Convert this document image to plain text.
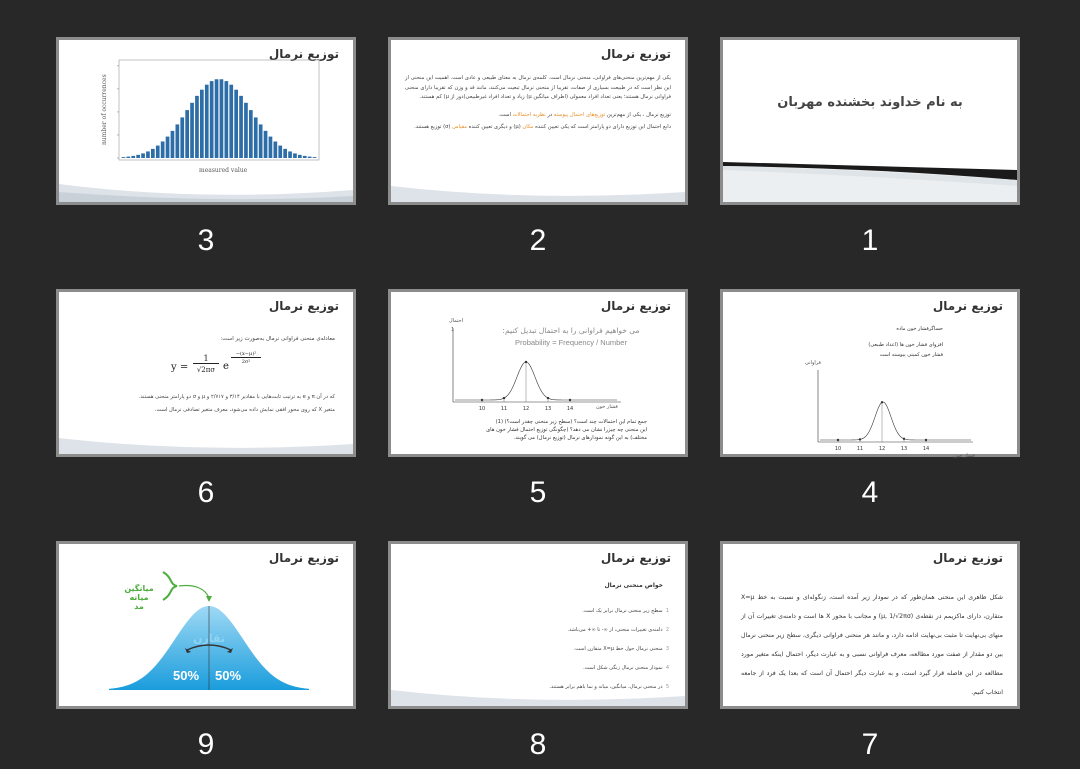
توزیع نرمال
number of occurrences
measured value
3
توزیع نرمال

یکی از مهم‌ترین منحنی‌های فراوانی، منحنی نرمال است. کلمه‌ی نرمال به معنای طبیعی و عادی است. اهمیت این منحنی از این نظر است که در طبیعت بسیاری از صفات، تقریبا از منحنی نرمال تبعیت می‌کنند، مانند قد و وزن که تقریبا دارای منحنی فراوانی نرمال هستند؛ یعنی تعداد افراد معمولی (اطراف میانگین μ) زیاد و تعداد افراد غیرطبیعی(دور از μ) کم هستند.

توزیع نرمال ، یکی از مهم‌ترین توزیع‌های احتمال پیوسته در نظریه احتمالات است.

دابع احتمال این توزیع دارای دو پارامتر است که یکی تعیین کننده مکان (μ) و دیگری تعیین کننده مقیاس (σ) توزیع هستند.

2
به نام خداوند بخشنده مهربان
1
توزیع نرمال
معادله‌ی منحنی فراوانی نرمال به‌صورت زیر است:
y =
1
√2πσ e
−(x−μ)²
2σ²

که در آن π و e به ترتیب ثابت‌هایی با مقادیر ۳/۱۴ و ۲/۷۱۷ و μ و σ دو پارامتر منحنی هستند.

متغیر X که روی محور افقی نمایش داده می‌شود، معرف متغیر تصادفی نرمال است.

6
توزیع نرمال
می خواهیم فراوانی را به احتمال تبدیل کنیم:
Probability = Frequency / Number
10	11	12	13	14
احتمال
1
فشار خون
جمع تمام این احتمالات چند است؟ (سطح زیر منحنی چقدر است؟) (1)
این منحنی چه چیزرا نشان می دهد؟ (چگونگی توزیع احتمال فشار خون های
مختلف) به این گونه نمودارهای نرمال (توزیع نرمال) می گویند.
5
توزیع نرمال
حساگرفشار خون ماده
افزوای فشار خون ها (اعداد طبیعی)
فشار خون کمیتی پیوسته است
10	11	12	13	14
فراوانی
فشار خون
4
توزیع نرمال
میانگین
میانه
مد
تقارن
50% 50%
9
توزیع نرمال
خواص منحنی نرمال
1  سطح زیر منحنی نرمال برابر یک است.
2  دامنه‌ی تغییرات منحنی، از ∞- تا ∞+ می‌باشد.
3  منحنی نرمال حول خط X=μ متقارن است.
4  نمودار منحنی نرمال زنگی شکل است.
5  در منحنی نرمال، میانگین، میانه و نما باهم برابر هستند.
8
توزیع نرمال
شکل ظاهری این منحنی همان‌طور که در نمودار زیر آمده است، زنگوله‌ای و نسبت به خط X=μ متقارن، دارای ماکزیمم در نقطه‌ی (μ, 1/√2πσ) و مجانب با محور X ها است و دامنه‌ی تغییرات آن از منهای بی‌نهایت تا مثبت بی‌نهایت ادامه دارد، و مانند هر منحنی فراوانی دیگری، سطح زیر منحنی نرمال بین دو مقدار از صفت مورد مطالعه، معرف فراوانی نسبی و به عبارت دیگر، احتمال اینکه متغیر مورد مطالعه در این فاصله قرار گیرد است، و به عبارت دیگر احتمال آن است که بعدا یک فرد از جامعه انتخاب کنیم.
7
